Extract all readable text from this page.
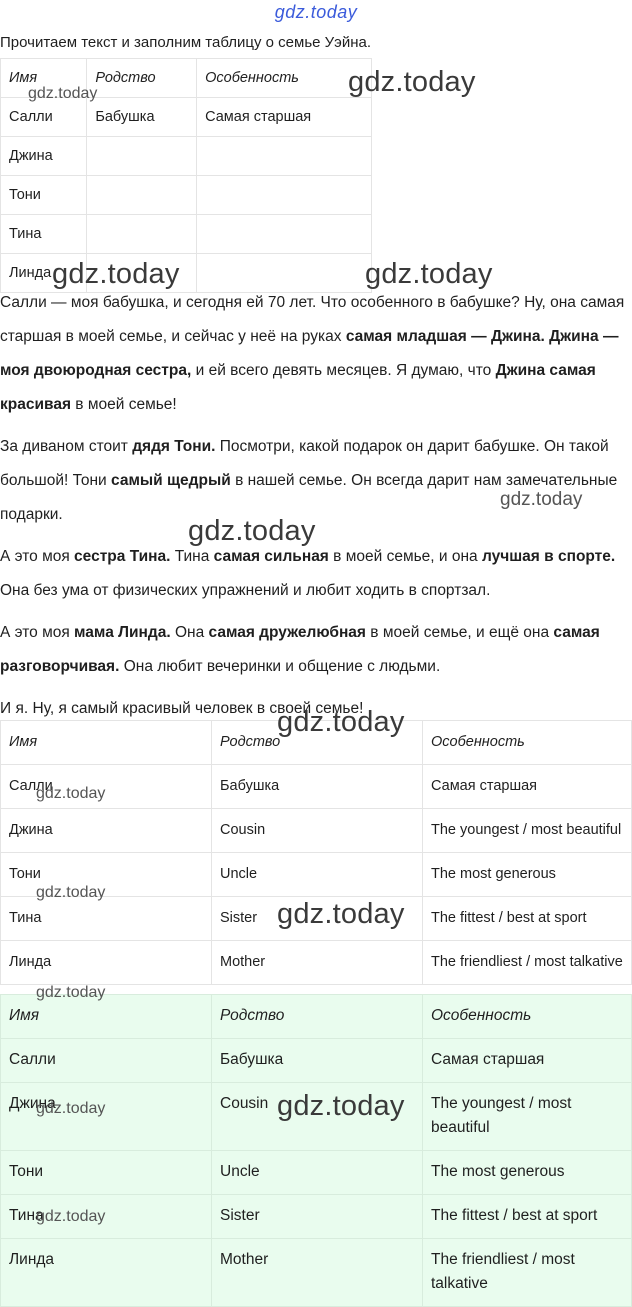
gdz.today
Прочитаем текст и заполним таблицу о семье Уэйна.
Имя	Родство	Особенность
Салли	Бабушка	Самая старшая
Джина		
Тони		
Тина		
Линда		

Салли — моя бабушка, и сегодня ей 70 лет. Что особенного в бабушке? Ну, она самая старшая в моей семье, и сейчас у неё на руках самая младшая — Джина. Джина — моя двоюродная сестра, и ей всего девять месяцев. Я думаю, что Джина самая красивая в моей семье!

За диваном стоит дядя Тони. Посмотри, какой подарок он дарит бабушке. Он такой большой! Тони самый щедрый в нашей семье. Он всегда дарит нам замечательные подарки.

А это моя сестра Тина. Тина самая сильная в моей семье, и она лучшая в спорте. Она без ума от физических упражнений и любит ходить в спортзал.

А это моя мама Линда. Она самая дружелюбная в моей семье, и ещё она самая разговорчивая. Она любит вечеринки и общение с людьми.

И я. Ну, я самый красивый человек в своей семье!

Имя	Родство	Особенность
Салли	Бабушка	Самая старшая
Джина	Cousin	The youngest / most beautiful
Тони	Uncle	The most generous
Тина	Sister	The fittest / best at sport
Линда	Mother	The friendliest / most talkative
Имя	Родство	Особенность
Салли	Бабушка	Самая старшая
Джина	Cousin	The youngest / most beautiful
Тони	Uncle	The most generous
Тина	Sister	The fittest / best at sport
Линда	Mother	The friendliest / most talkative
gdz.today
gdz.today
gdz.today	gdz.today
gdz.today
gdz.today
gdz.today
gdz.today
gdz.today
gdz.today
gdz.today
gdz.today	gdz.today
gdz.today
